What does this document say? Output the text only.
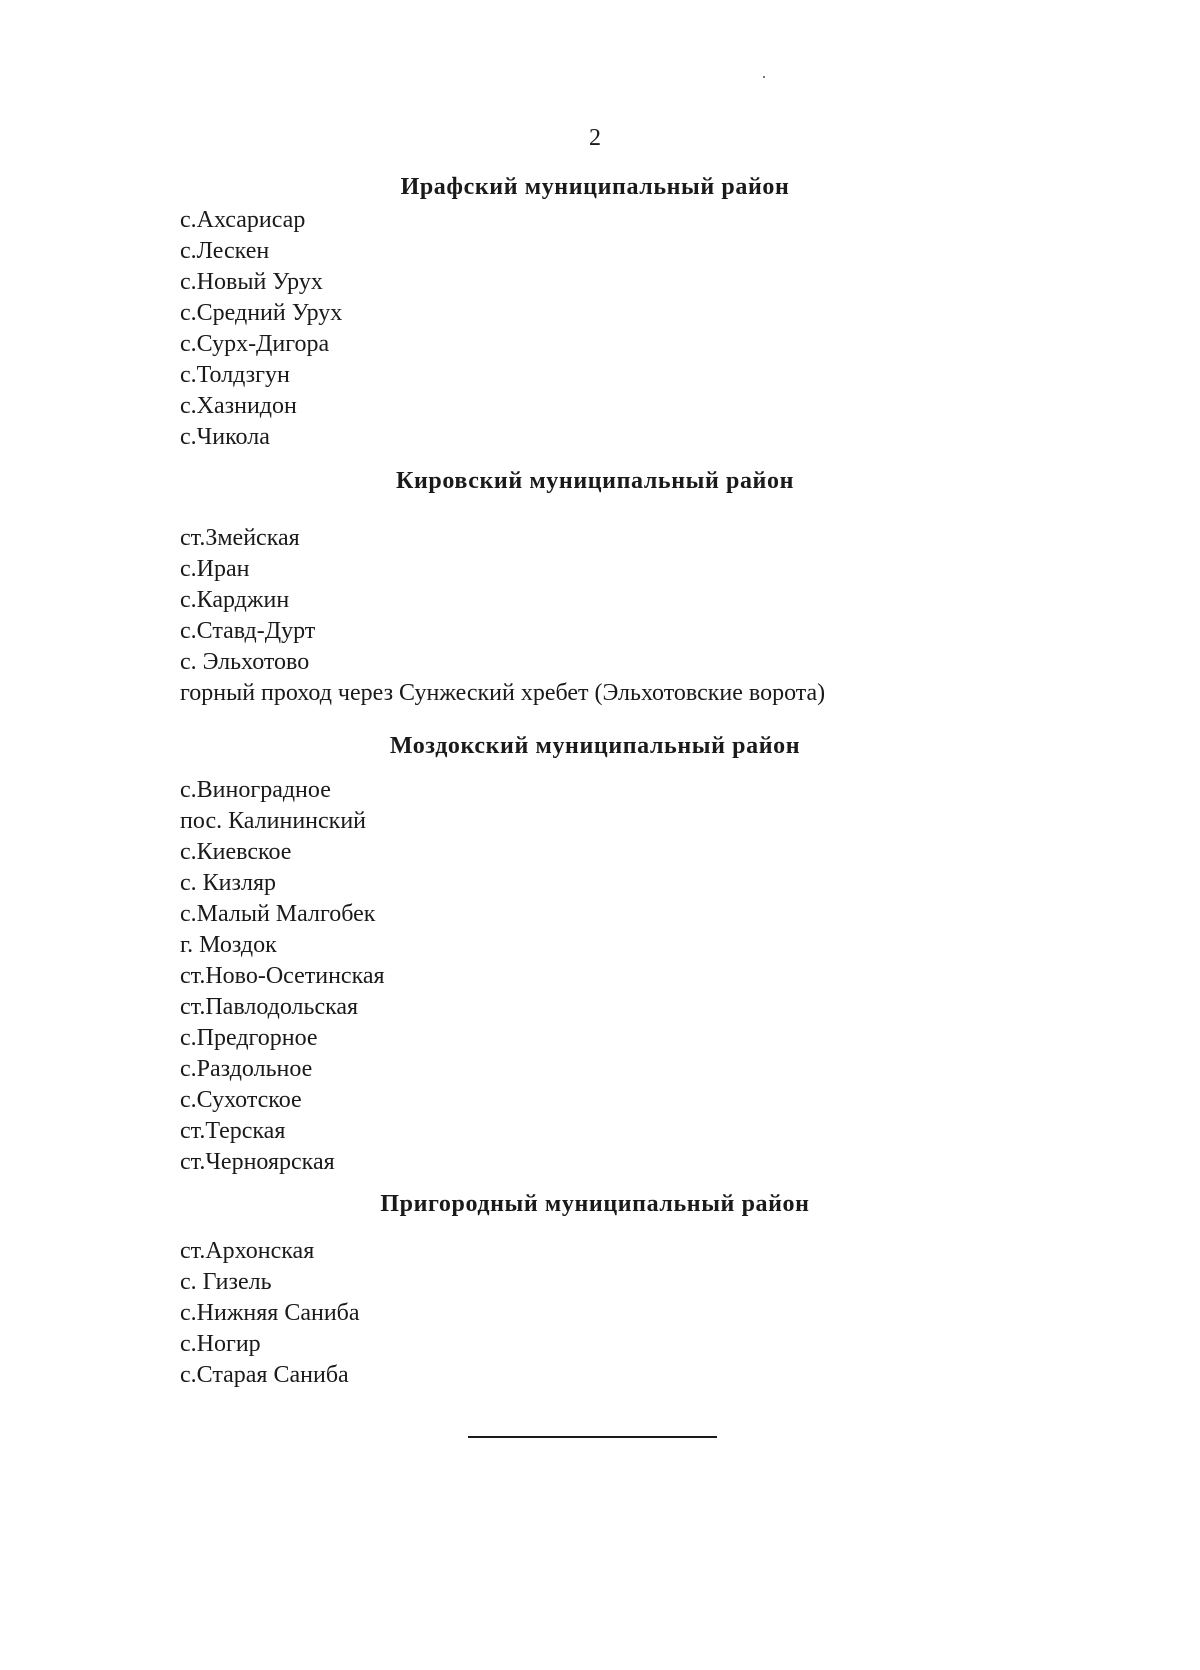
2
Ирафский муниципальный район
с.Ахсарисар
с.Лескен
с.Новый Урух
с.Средний Урух
с.Сурх-Дигора
с.Толдзгун
с.Хазнидон
с.Чикола
Кировский муниципальный район
ст.Змейская
с.Иран
с.Карджин
с.Ставд-Дурт
с. Эльхотово
горный проход через Сунжеский хребет (Эльхотовские ворота)
Моздокский муниципальный район
с.Виноградное
пос. Калининский
с.Киевское
с. Кизляр
с.Малый Малгобек
г. Моздок
ст.Ново-Осетинская
ст.Павлодольская
с.Предгорное
с.Раздольное
с.Сухотское
ст.Терская
ст.Черноярская
Пригородный муниципальный район
ст.Архонская
с. Гизель
с.Нижняя Саниба
с.Ногир
с.Старая Саниба
